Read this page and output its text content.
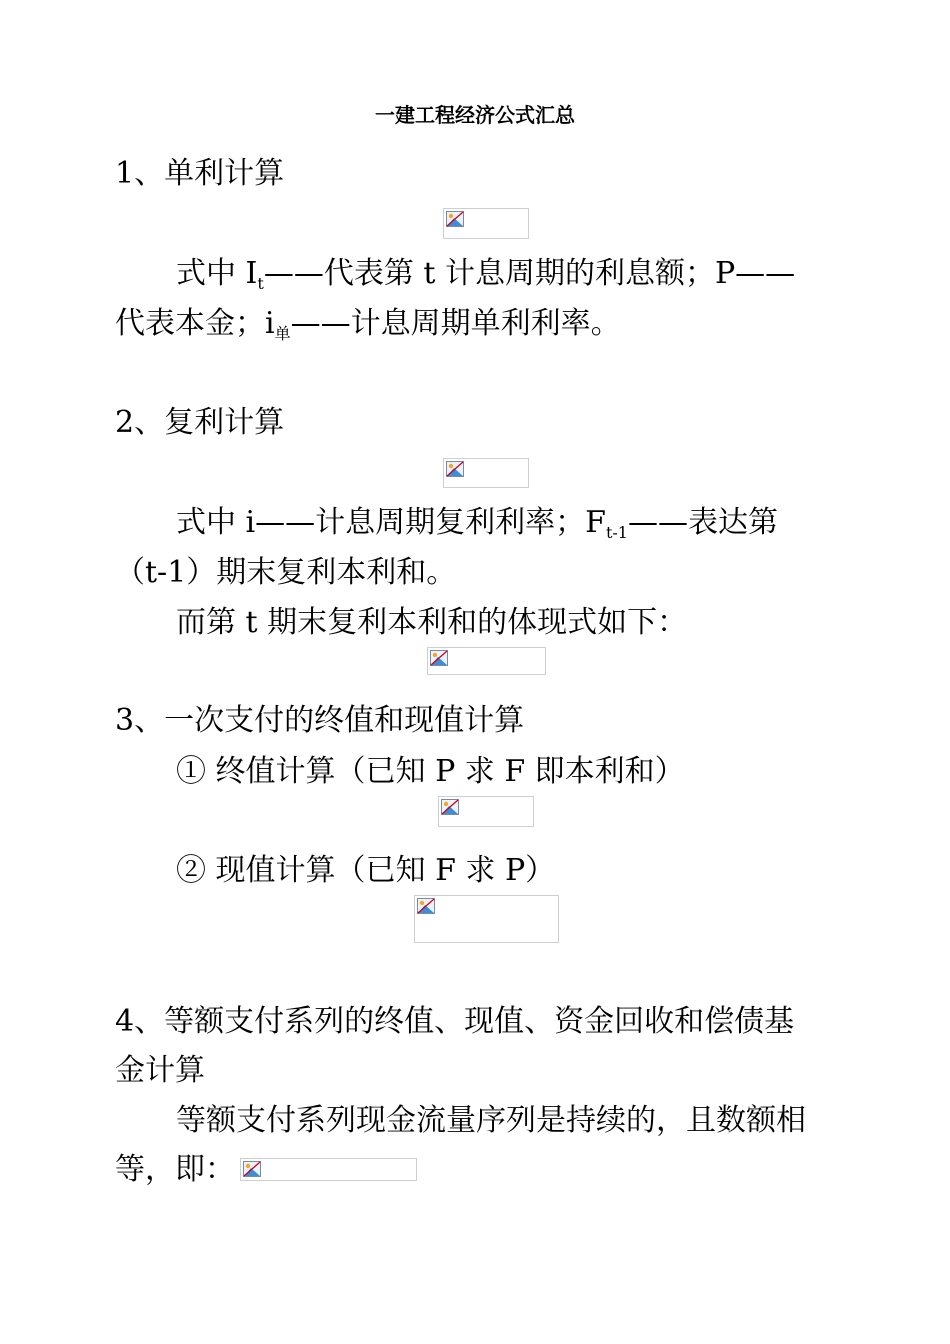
一建工程经济公式汇总
1、单利计算
式中 $I_t——$代表第 t 计息周期的利息额；P——
代表本金；$i_单——$计息周期单利利率。
2、复利计算
式中 i——计息周期复利利率；$F_{t-1}——$表达第
（t-1）期末复利本利和。
而第 t 期末复利本利和的体现式如下：
3、一次支付的终值和现值计算
① 终值计算（已知 P 求 F 即本利和）
② 现值计算（已知 F 求 P）
4、等额支付系列的终值、现值、资金回收和偿债基
金计算
等额支付系列现金流量序列是持续的，且数额相
等，即：
